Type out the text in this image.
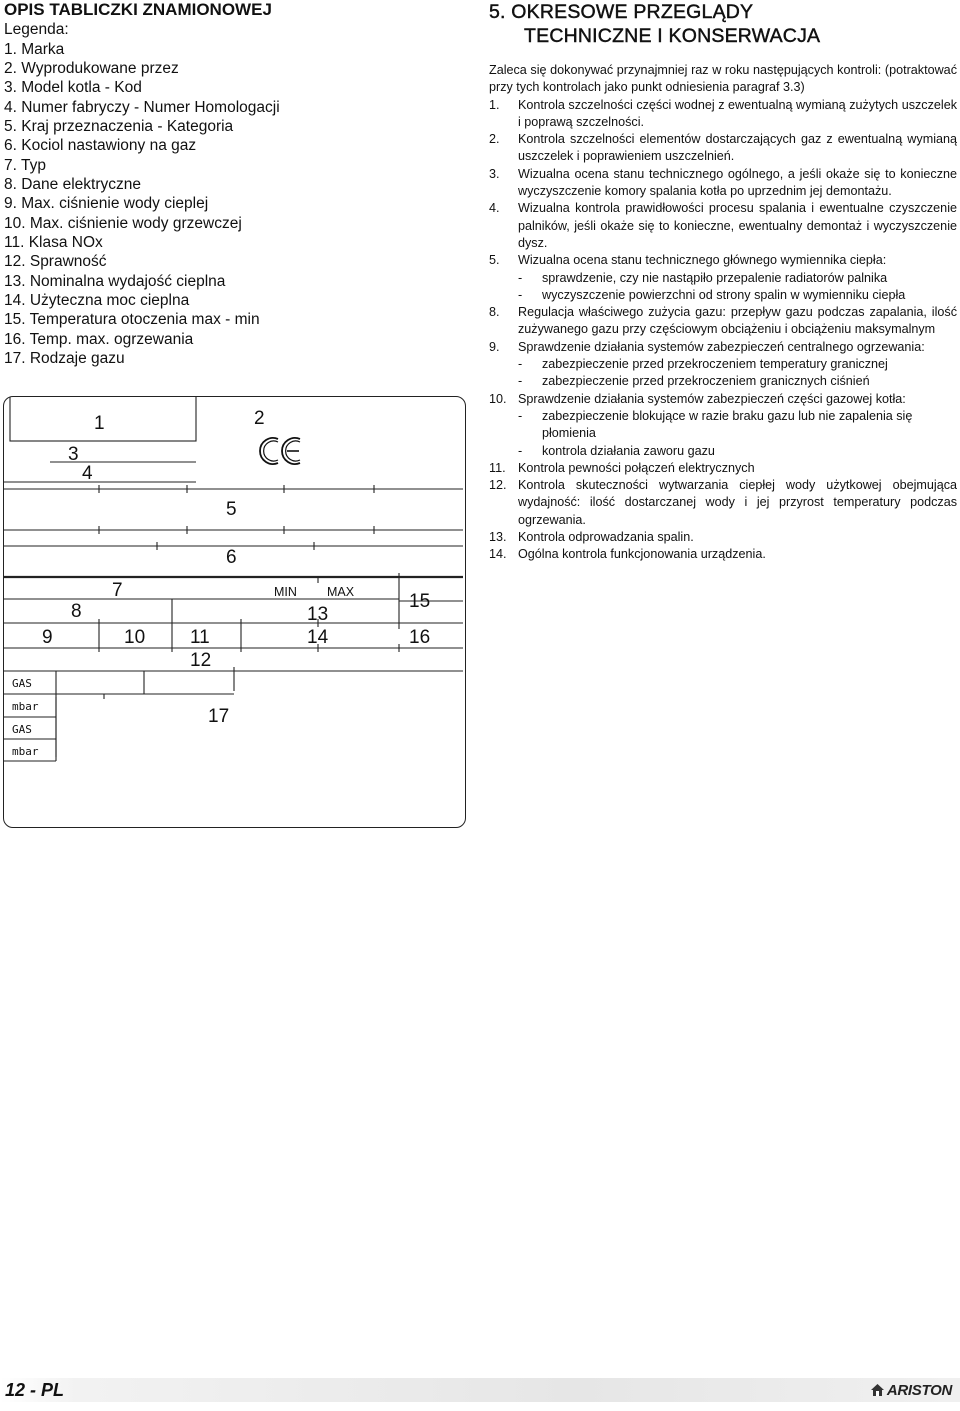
OPIS TABLICZKI ZNAMIONOWEJ
Legenda:
1. Marka
2. Wyprodukowane przez
3. Model kotla - Kod
4. Numer fabryczy - Numer Homologacji
5. Kraj przeznaczenia - Kategoria
6. Kociol nastawiony na gaz
7. Typ
8. Dane elektryczne
9. Max. ciśnienie wody cieplej
10. Max. ciśnienie wody grzewczej
11. Klasa NOx
12. Sprawność
13. Nominalna wydajość cieplna
14. Użyteczna moc cieplna
15. Temperatura otoczenia max - min
16. Temp. max. ogrzewania
17. Rodzaje gazu
1	2
3
4
5
6
7
8
9	10 11
12
13
14
15
16
17
MIN MAX
GAS
mbar
GAS
mbar
5. OKRESOWE PRZEGLĄDY
TECHNICZNE I KONSERWACJA
Zaleca się dokonywać przynajmniej raz w roku następujących kontroli: (potraktować przy tych kontrolach jako punkt odniesienia paragraf 3.3)
1. Kontrola szczelności części wodnej z ewentualną wymianą zużytych uszczelek i poprawą szczelności.
2. Kontrola szczelności elementów dostarczających gaz z ewentualną wymianą uszczelek i poprawieniem uszczelnień.
3. Wizualna ocena stanu technicznego ogólnego, a jeśli okaże się to konieczne wyczyszczenie komory spalania kotła po uprzednim jej demontażu.
4. Wizualna kontrola prawidłowości procesu spalania i ewentualne czyszczenie palników, jeśli okaże się to konieczne, ewentualny demontaż i wyczyszczenie dysz.
5. Wizualna ocena stanu technicznego głównego wymiennika ciepła:
- sprawdzenie, czy nie nastąpiło przepalenie radiatorów palnika
- wyczyszczenie powierzchni od strony spalin w wymienniku ciepła
8. Regulacja właściwego zużycia gazu: przepływ gazu podczas zapalania, ilość zużywanego gazu przy częściowym obciążeniu i obciążeniu maksymalnym
9. Sprawdzenie działania systemów zabezpieczeń centralnego ogrzewania:
- zabezpieczenie przed przekroczeniem temperatury granicznej
- zabezpieczenie przed przekroczeniem granicznych ciśnień
10. Sprawdzenie działania systemów zabezpieczeń części gazowej kotła:
- zabezpieczenie blokujące w razie braku gazu lub nie zapalenia się płomienia
- kontrola działania zaworu gazu
11. Kontrola pewności połączeń elektrycznych
12. Kontrola skuteczności wytwarzania ciepłej wody użytkowej obejmująca wydajność: ilość dostarczanej wody i jej przyrost temperatury podczas ogrzewania.
13. Kontrola odprowadzania spalin.
14. Ogólna kontrola funkcjonowania urządzenia.
12 - PL	ARISTON
